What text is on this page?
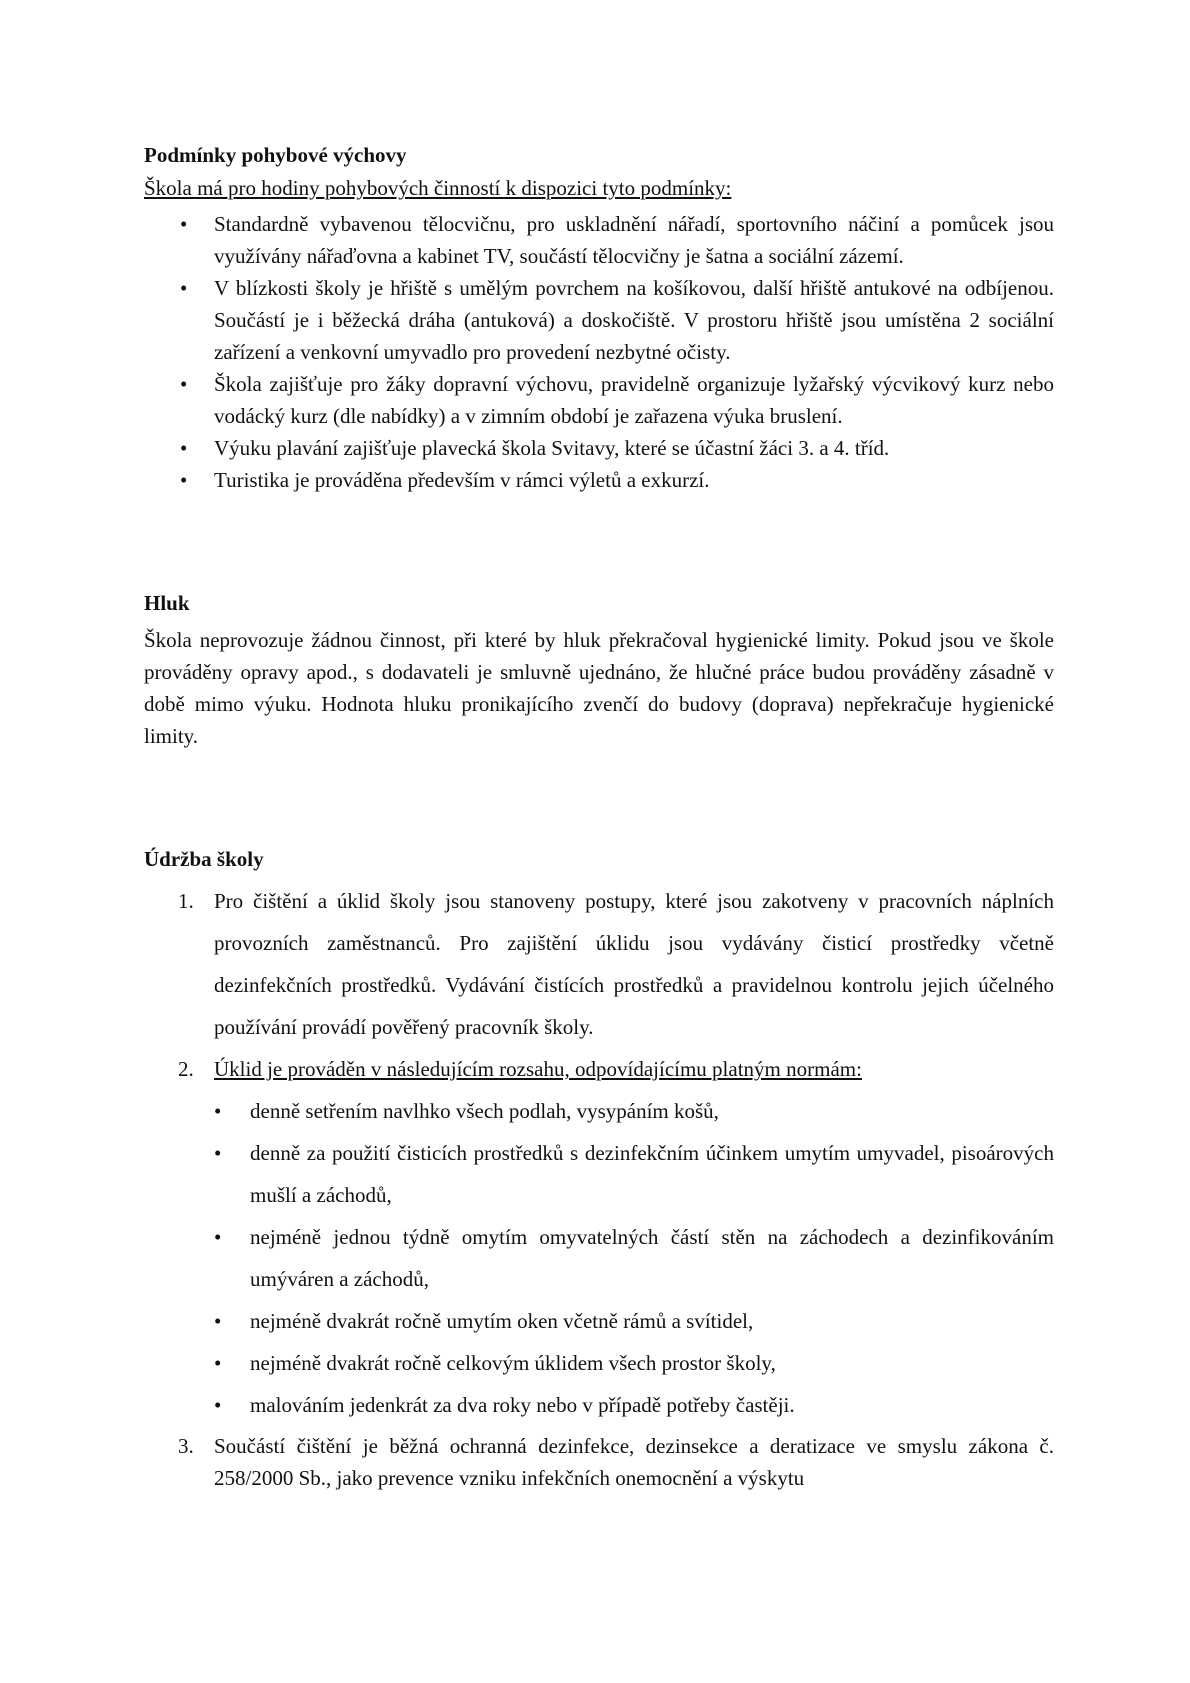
Podmínky pohybové výchovy

Škola má pro hodiny pohybových činností k dispozici tyto podmínky:

• Standardně vybavenou tělocvičnu, pro uskladnění nářadí, sportovního náčiní a pomůcek jsou využívány nářaďovna a kabinet TV, součástí tělocvičny je šatna a sociální zázemí.
• V blízkosti školy je hřiště s umělým povrchem na košíkovou, další hřiště antukové na odbíjenou. Součástí je i běžecká dráha (antuková) a doskočiště. V prostoru hřiště jsou umístěna 2 sociální zařízení a venkovní umyvadlo pro provedení nezbytné očisty.
• Škola zajišťuje pro žáky dopravní výchovu, pravidelně organizuje lyžařský výcvikový kurz nebo vodácký kurz (dle nabídky) a v zimním období je zařazena výuka bruslení.
• Výuku plavání zajišťuje plavecká škola Svitavy, které se účastní žáci 3. a 4. tříd.
• Turistika je prováděna především v rámci výletů a exkurzí.

Hluk

Škola neprovozuje žádnou činnost, při které by hluk překračoval hygienické limity. Pokud jsou ve škole prováděny opravy apod., s dodavateli je smluvně ujednáno, že hlučné práce budou prováděny zásadně v době mimo výuku. Hodnota hluku pronikajícího zvenčí do budovy (doprava) nepřekračuje hygienické limity.

Údržba školy

1. Pro čištění a úklid školy jsou stanoveny postupy, které jsou zakotveny v pracovních náplních provozních zaměstnanců. Pro zajištění úklidu jsou vydávány čisticí prostředky včetně dezinfekčních prostředků. Vydávání čistících prostředků a pravidelnou kontrolu jejich účelného používání provádí pověřený pracovník školy.
2. Úklid je prováděn v následujícím rozsahu, odpovídajícímu platným normám:
• denně setřením navlhko všech podlah, vysypáním košů,
• denně za použití čisticích prostředků s dezinfekčním účinkem umytím umyvadel, pisoárových mušlí a záchodů,
• nejméně jednou týdně omytím omyvatelných částí stěn na záchodech a dezinfikováním umýváren a záchodů,
• nejméně dvakrát ročně umytím oken včetně rámů a svítidel,
• nejméně dvakrát ročně celkovým úklidem všech prostor školy,
• malováním jedenkrát za dva roky nebo v případě potřeby častěji.
3. Součástí čištění je běžná ochranná dezinfekce, dezinsekce a deratizace ve smyslu zákona č. 258/2000 Sb., jako prevence vzniku infekčních onemocnění a výskytu
